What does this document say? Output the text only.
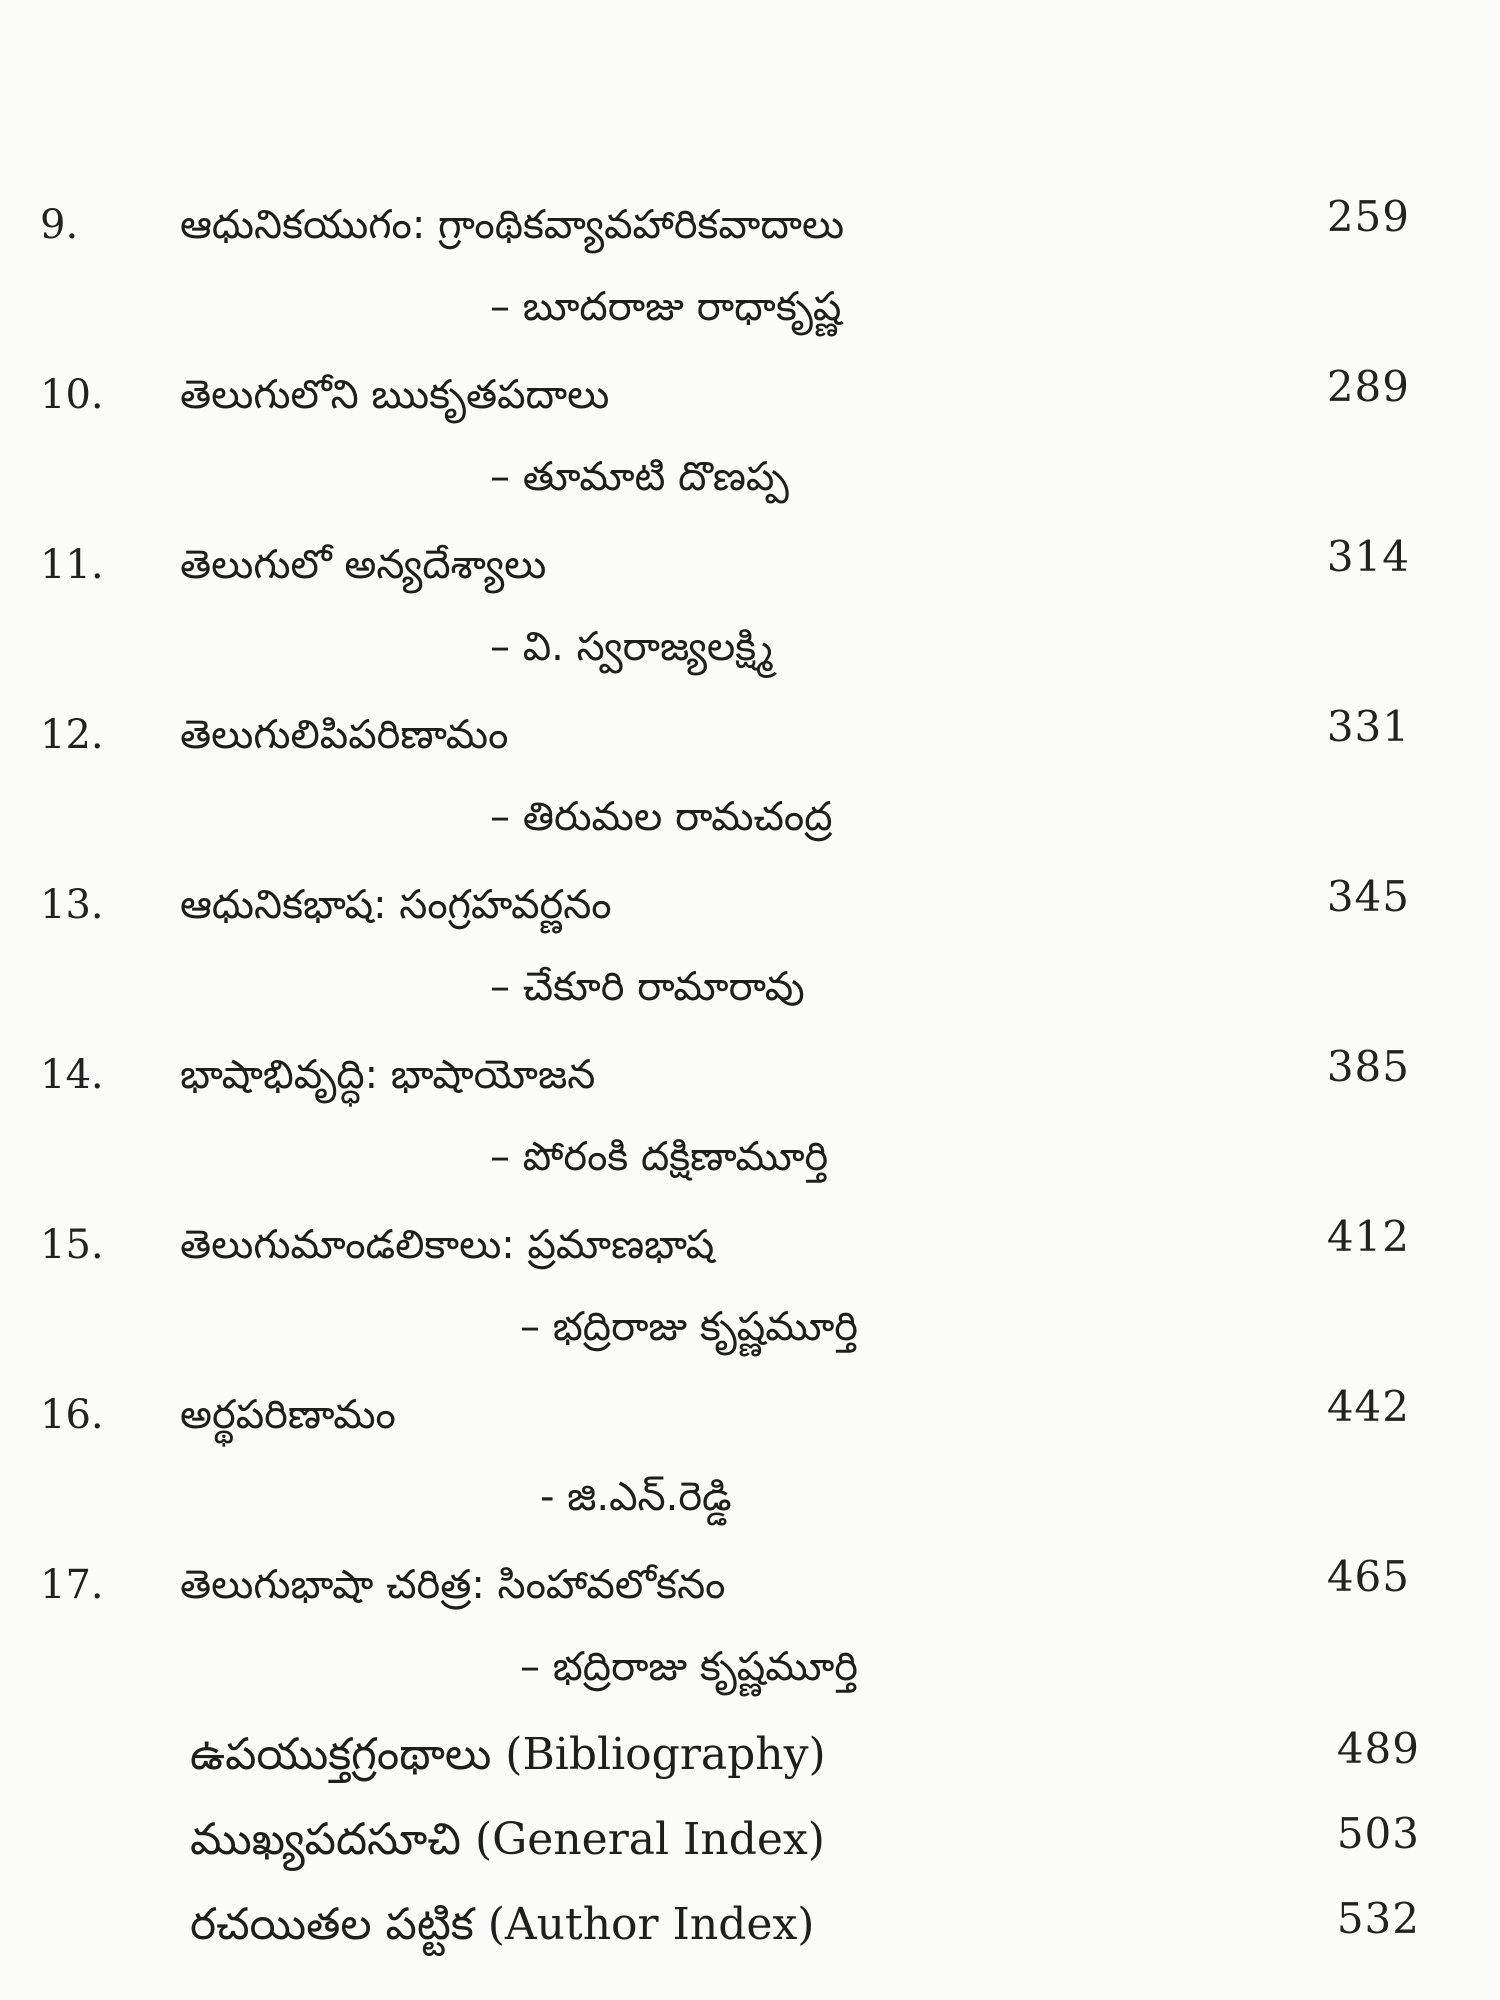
9.	ఆధునికయుగం: గ్రాంథికవ్యావహారికవాదాలు	259
– బూదరాజు రాధాకృష్ణ
10. తెలుగులోని ఋకృతపదాలు	289
– తూమాటి దొణప్ప
11. తెలుగులో అన్యదేశ్యాలు	314
– వి. స్వరాజ్యలక్ష్మి
12. తెలుగులిపిపరిణామం	331
– తిరుమల రామచంద్ర
13. ఆధునికభాష: సంగ్రహవర్ణనం	345
– చేకూరి రామారావు
14. భాషాభివృద్ధి: భాషాయోజన	385
– పోరంకి దక్షిణామూర్తి
15. తెలుగుమాండలికాలు: ప్రమాణభాష	412
– భద్రిరాజు కృష్ణమూర్తి
16. అర్థపరిణామం	442
- జి.ఎన్.రెడ్డి
17. తెలుగుభాషా చరిత్ర: సింహావలోకనం	465
– భద్రిరాజు కృష్ణమూర్తి
ఉపయుక్తగ్రంథాలు (Bibliography)	489
ముఖ్యపదసూచి (General Index)	503
రచయితల పట్టిక (Author Index)	532
